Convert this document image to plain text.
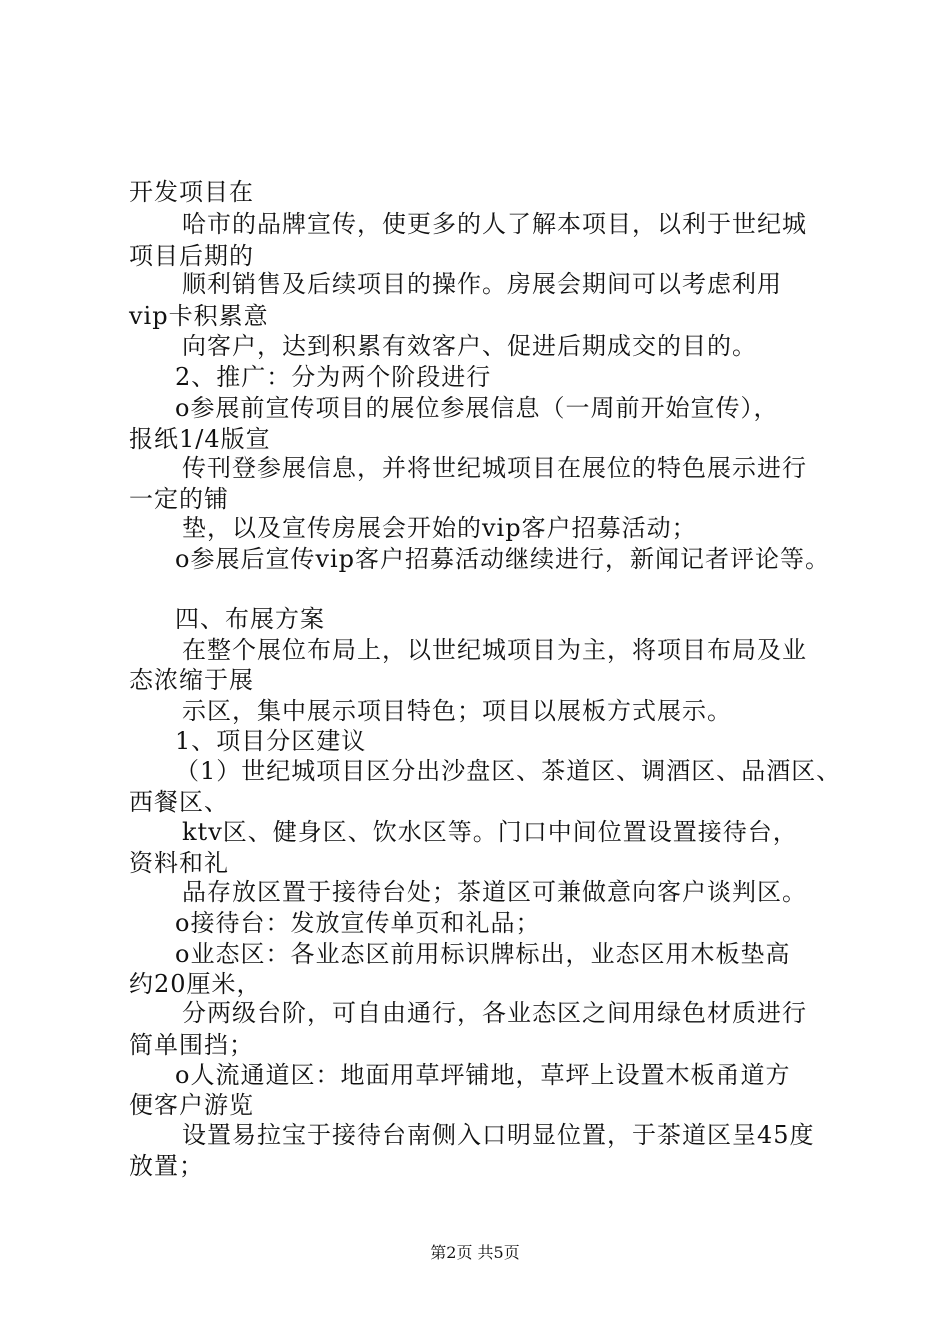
开发项目在
哈市的品牌宣传，使更多的人了解本项目，以利于世纪城
项目后期的
顺利销售及后续项目的操作。房展会期间可以考虑利用
vip卡积累意
向客户，达到积累有效客户、促进后期成交的目的。
2、推广：分为两个阶段进行
o参展前宣传项目的展位参展信息（一周前开始宣传），
报纸1/4版宣
传刊登参展信息，并将世纪城项目在展位的特色展示进行
一定的铺
垫，以及宣传房展会开始的vip客户招募活动；
o参展后宣传vip客户招募活动继续进行，新闻记者评论等。
四、布展方案
在整个展位布局上，以世纪城项目为主，将项目布局及业
态浓缩于展
示区，集中展示项目特色；项目以展板方式展示。
1、项目分区建议
（1）世纪城项目区分出沙盘区、茶道区、调酒区、品酒区、
西餐区、
ktv区、健身区、饮水区等。门口中间位置设置接待台，
资料和礼
品存放区置于接待台处；茶道区可兼做意向客户谈判区。
o接待台：发放宣传单页和礼品；
o业态区：各业态区前用标识牌标出，业态区用木板垫高
约20厘米，
分两级台阶，可自由通行，各业态区之间用绿色材质进行
简单围挡；
o人流通道区：地面用草坪铺地，草坪上设置木板甬道方
便客户游览
设置易拉宝于接待台南侧入口明显位置，于茶道区呈45度
放置；
第2页 共5页
